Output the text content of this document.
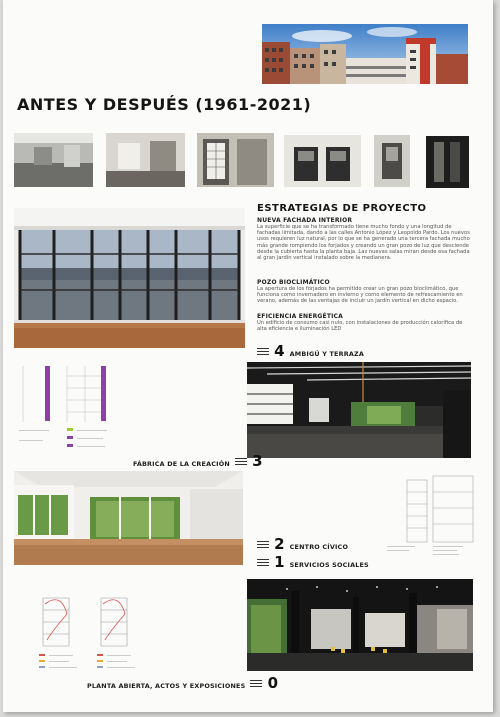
ANTES Y DESPUÉS (1961-2021)
ESTRATEGIAS DE PROYECTO
NUEVA FACHADA INTERIOR
La superficie que se ha transformado tiene mucho fondo y una longitud de fachadas limitada, dando a las calles Antonio López y Leopoldo Pardo. Los nuevos usos requieren luz natural, por lo que se ha generado una tercera fachada mucho más grande rompiendo los forjados y creando un gran pozo de luz que desciende desde la cubierta hasta la planta baja. Las nuevas salas miran desde esa fachada al gran jardín vertical instalado sobre la medianera.
POZO BIOCLIMÁTICO
La apertura de los forjados ha permitido crear un gran pozo bioclimático, que funciona como invernadero en invierno y como elemento de refrescamiento en verano, además de las ventajas de incluir un jardín vertical en dicho espacio.
EFICIENCIA ENERGÉTICA
Un edificio de consumo casi nulo, con instalaciones de producción calorífica de alta eficiencia e iluminación LED
4 AMBIGÚ Y TERRAZA
FÁBRICA DE LA CREACIÓN 3
2 CENTRO CÍVICO
1 SERVICIOS SOCIALES
PLANTA ABIERTA, ACTOS Y EXPOSICIONES 0
